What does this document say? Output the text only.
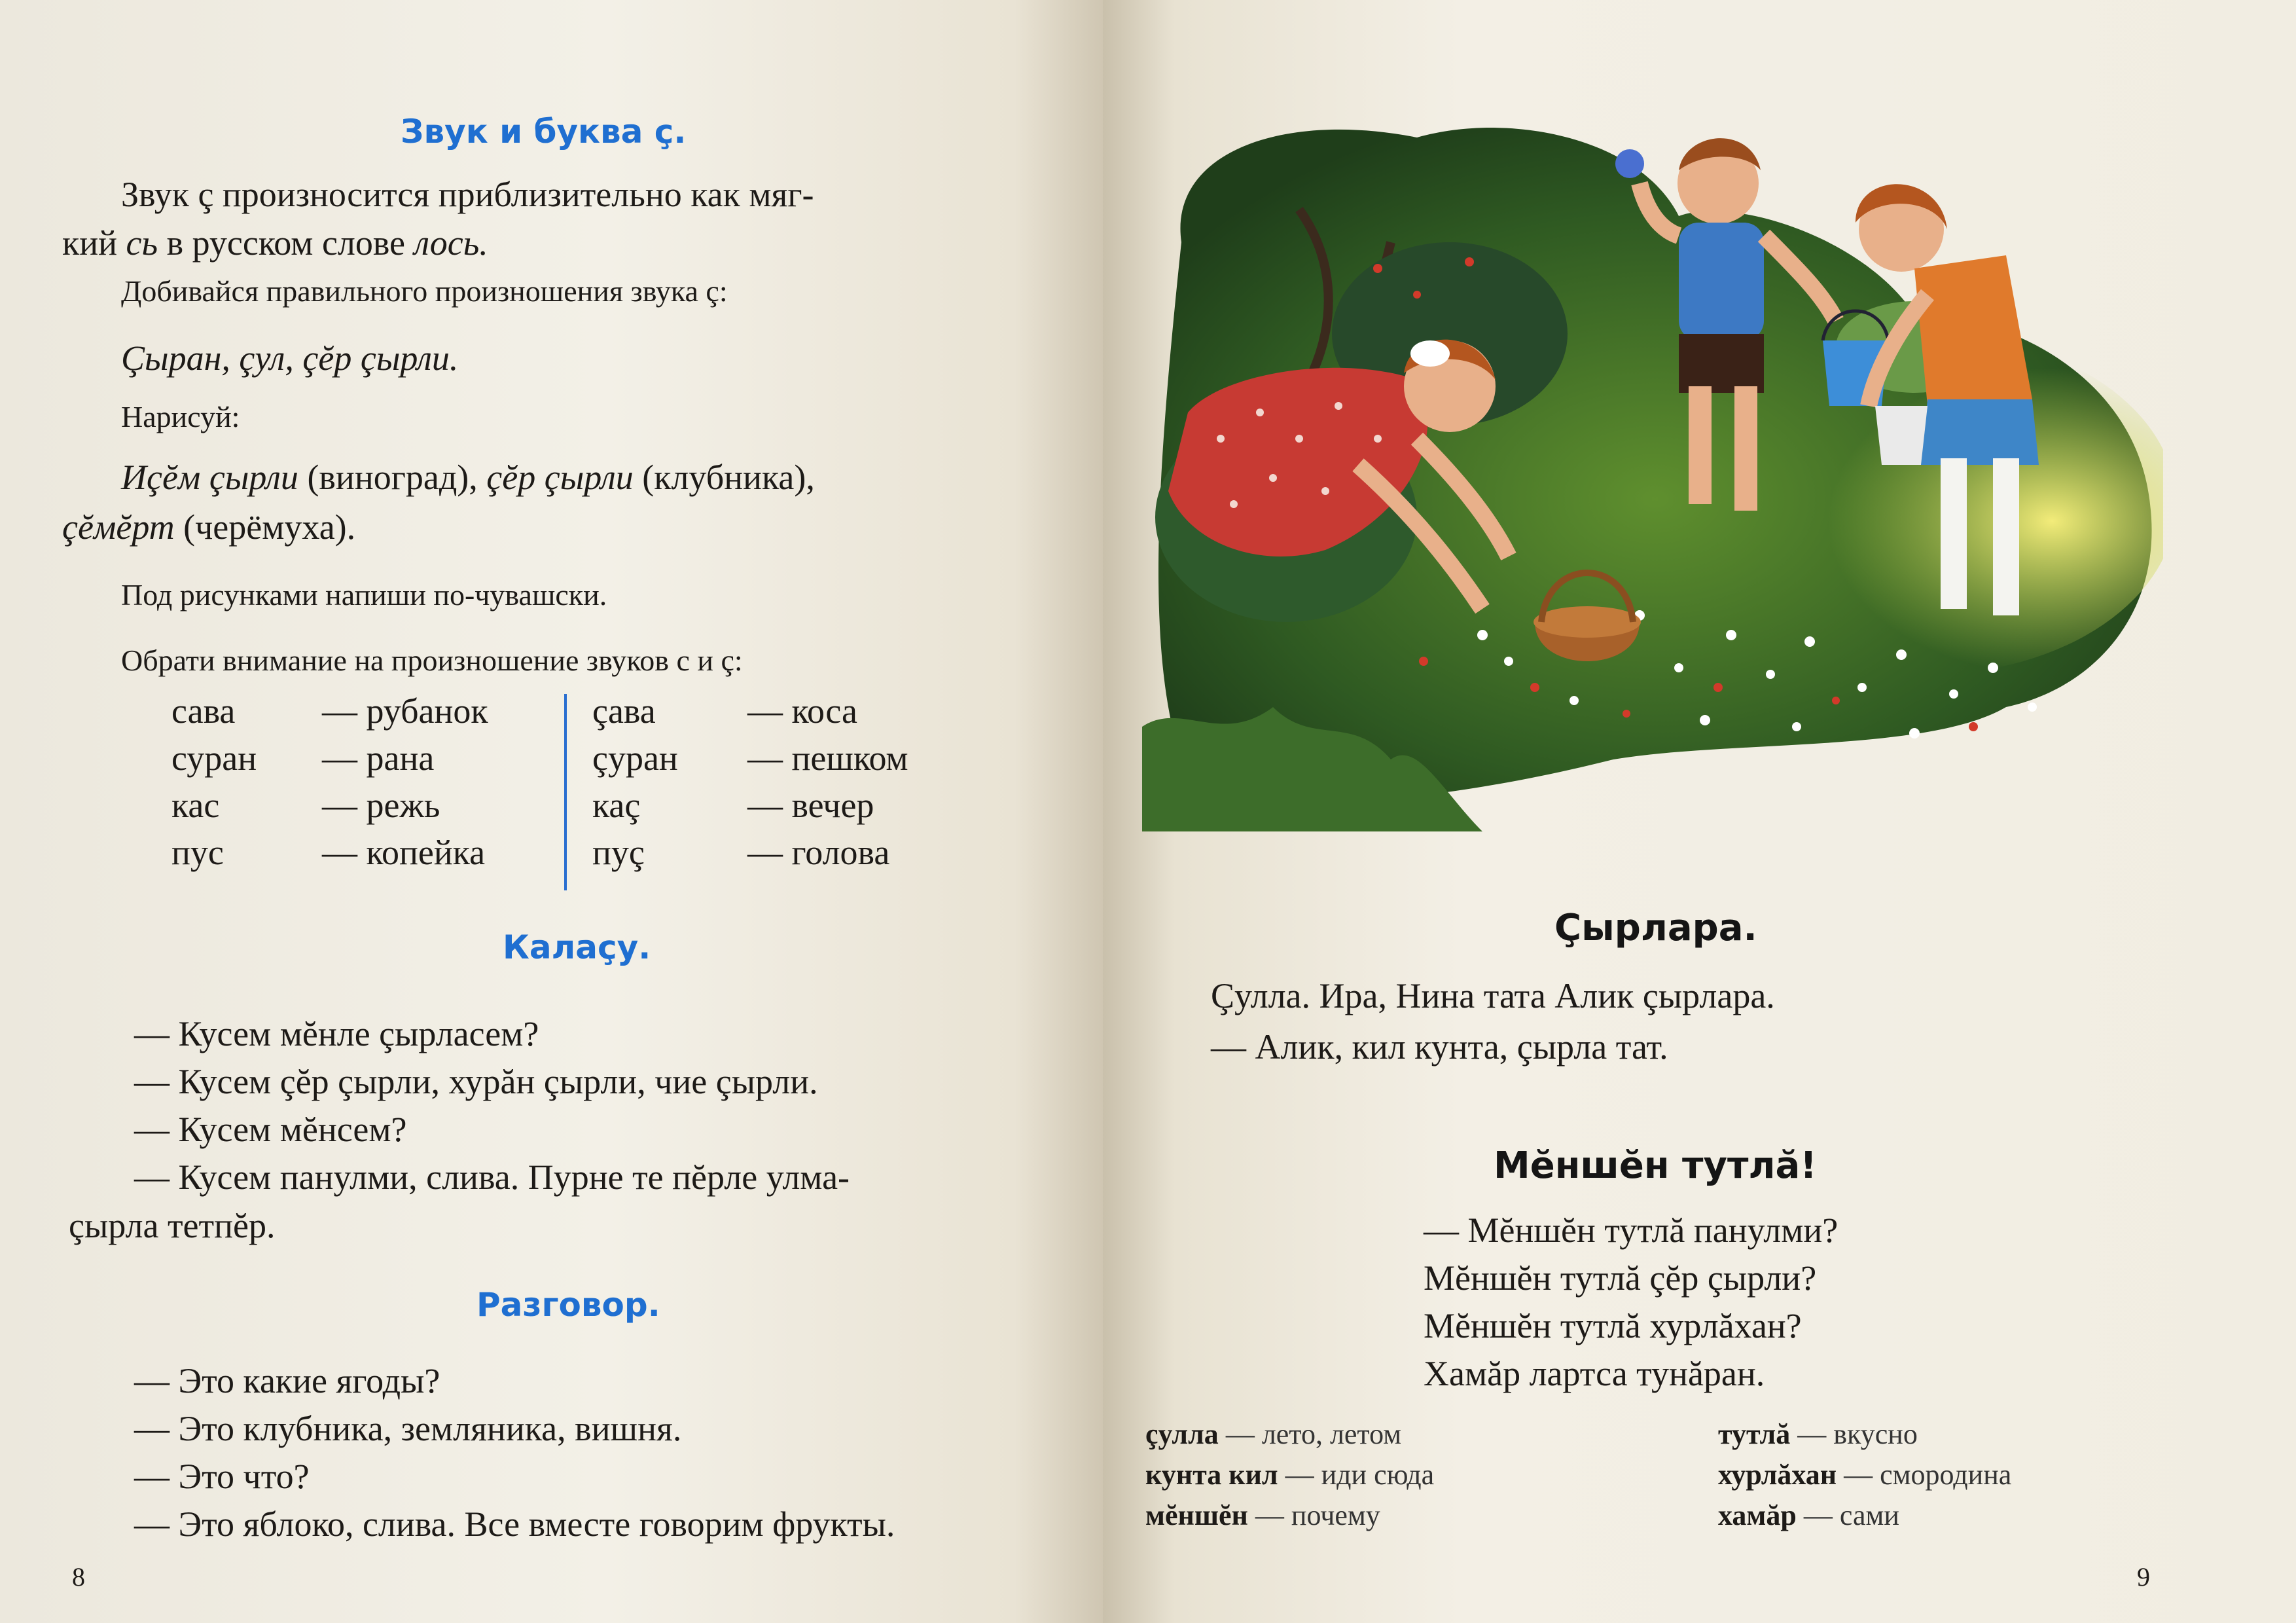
Звук и буква ç.

Звук ç произносится приблизительно как мяг-

кий сь в русском слове лось.

Добивайся правильного произношения звука ç:

Çыран, çул, çĕр çырли.

Нарисуй:

Иçĕм çырли (виноград), çĕр çырли (клубника),

çĕмĕрт (черёмуха).

Под рисунками напиши по-чувашски.

Обрати внимание на произношение звуков с и ç:

сава
суран
кас
пус
— рубанок
— рана
— режь
— копейка
çава
çуран
каç
пуç
— коса
— пешком
— вечер
— голова
Калаçу.
— Кусем мĕнле çырласем?
— Кусем çĕр çырли, хурăн çырли, чие çырли.
— Кусем мĕнсем?
— Кусем панулми, слива. Пурне те пĕрле улма-

çырла тетпĕр.

Разговор.
— Это какие ягоды?
— Это клубника, земляника, вишня.
— Это что?
— Это яблоко, слива. Все вместе говорим фрукты.
8
Çырлара.

Çулла. Ира, Нина тата Алик çырлара.

— Алик, кил кунта, çырла тат.

Мĕншĕн тутлă!
— Мĕншĕн тутлă панулми?
Мĕншĕн тутлă çĕр çырли?
Мĕншĕн тутлă хурлăхан?
Хамăр лартса тунăран.
çулла — лето, летом
кунта кил — иди сюда
мĕншĕн — почему
тутлă — вкусно
хурлăхан — смородина
хамăр — сами
9
